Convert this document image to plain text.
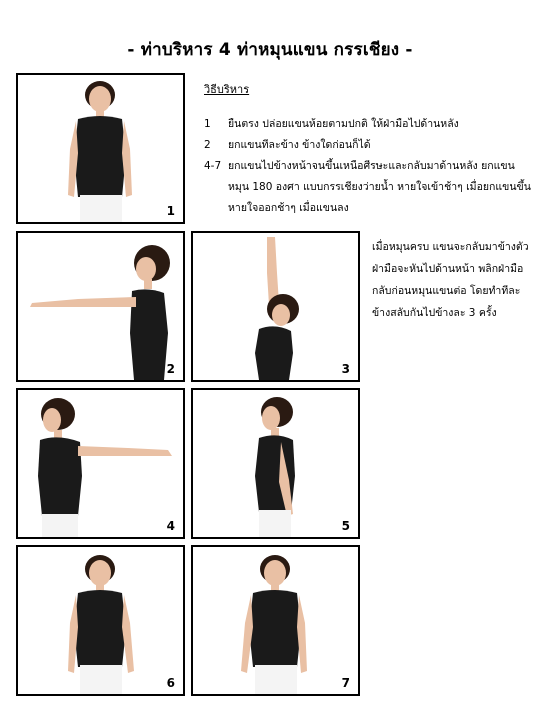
- ท่าบริหาร 4 ท่าหมุนแขน กรรเชียง -
1
2	3
4	5
6	7
วิธีบริหาร
1 ยืนตรง ปล่อยแขนห้อยตามปกติ ให้ฝ่ามือไปด้านหลัง
2 ยกแขนทีละข้าง ข้างใดก่อนก็ได้
4-7 ยกแขนไปข้างหน้าจนขึ้นเหนือศีรษะและกลับมาด้านหลัง ยกแขนหมุน 180 องศา แบบกรรเชียงว่ายน้ำ หายใจเข้าช้าๆ เมื่อยกแขนขึ้น หายใจออกช้าๆ เมื่อแขนลง
เมื่อหมุนครบ แขนจะกลับมาข้างตัว ฝ่ามือจะหันไปด้านหน้า พลิกฝ่ามือกลับก่อนหมุนแขนต่อ โดยทำทีละข้างสลับกันไปข้างละ 3 ครั้ง
